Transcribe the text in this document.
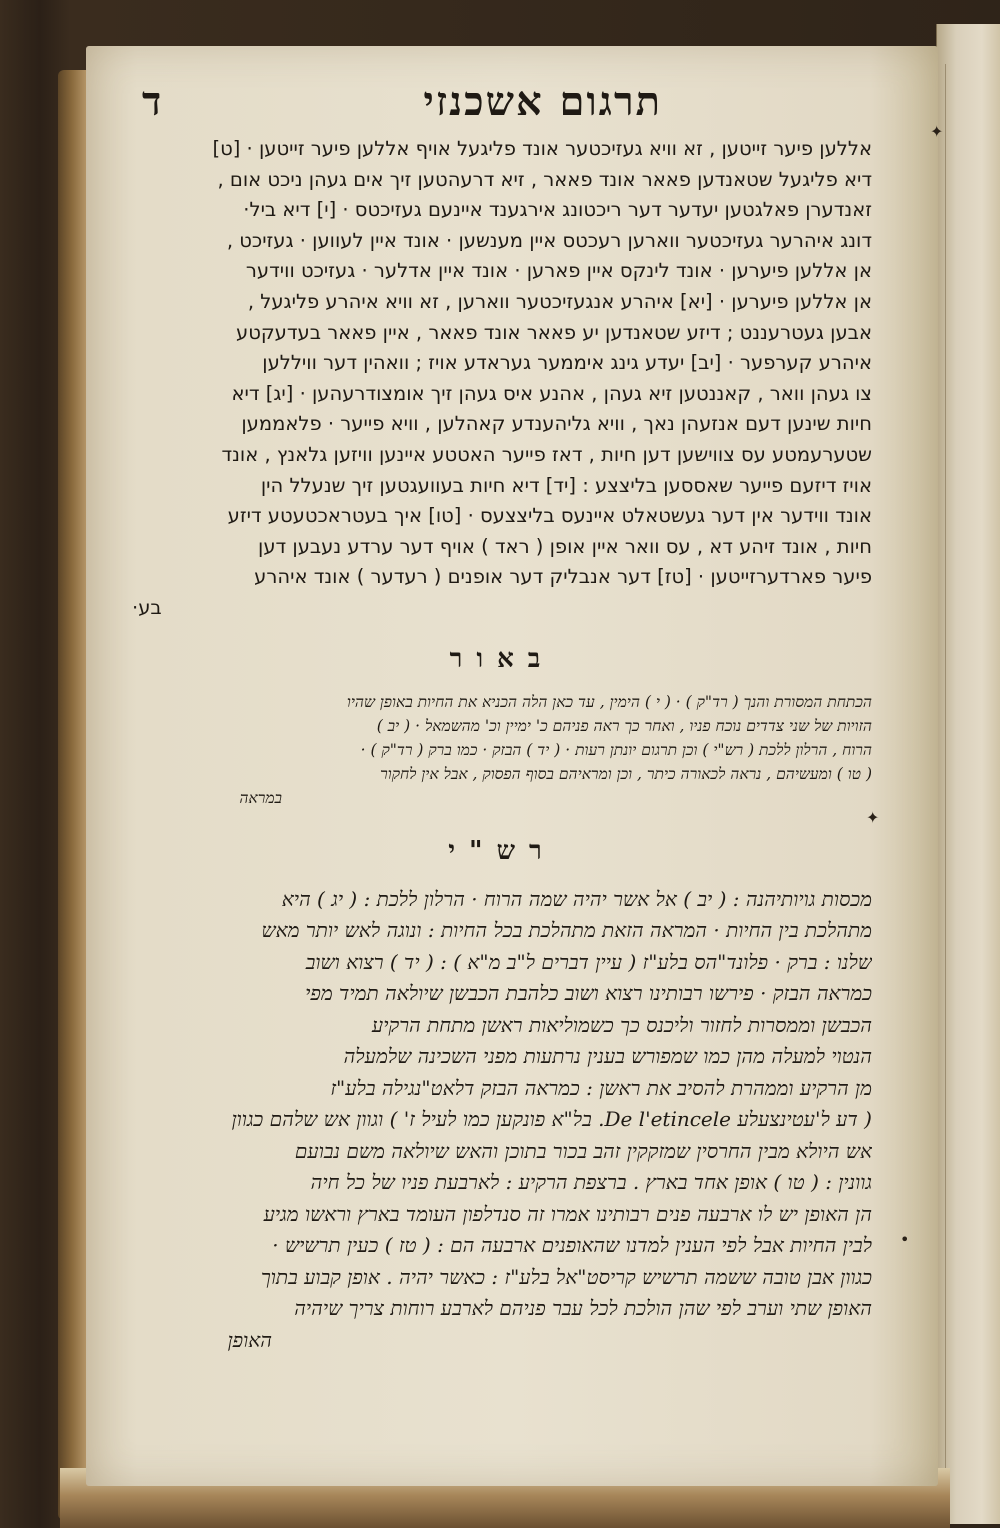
✦
✦
•
תרגום אשכנזי
ד

אללען פיער זייטען , זא וויא געזיכטער אונד פליגעל אויף אללען פיער זייטען · [ט]

דיא פליגעל שטאנדען פאאר אונד פאאר , זיא דרעהטען זיך אים געהן ניכט אום ,

זאנדערן פאלגטען יעדער דער ריכטונג אירגענד איינעם געזיכטס · [י] דיא ביל·

דונג איהרער געזיכטער ווארען רעכטס איין מענשען · אונד איין לעווען · געזיכט ,

אן אללען פיערען · אונד לינקס איין פארען · אונד איין אדלער · געזיכט ווידער

אן אללען פיערען · [יא] איהרע אנגעזיכטער ווארען , זא וויא איהרע פליגעל ,

אבען געטרעננט ; דיזע שטאנדען יע פאאר אונד פאאר , איין פאאר בעדעקטע

איהרע קערפער · [יב] יעדע גינג איממער געראדע אויז ; וואהין דער וויללען

צו געהן וואר , קאננטען זיא געהן , אהנע איס געהן זיך אומצודרעהען · [יג] דיא

חיות שינען דעם אנזעהן נאך , וויא גליהענדע קאהלען , וויא פייער · פלאממען

שטערעמטע עס צווישען דען חיות , דאז פייער האטטע איינען וויזען גלאנץ , אונד

אויז דיזעם פייער שאססען בליצצע : [יד] דיא חיות בעוועגטען זיך שנעלל הין

אונד ווידער אין דער געשטאלט איינעס בליצצעס · [טו] איך בעטראכטעטע דיזע

חיות , אונד זיהע דא , עס וואר איין אופן ( ראד ) אויף דער ערדע נעבען דען

פיער פארדערזייטען · [טז] דער אנבליק דער אופנים ( רעדער ) אונד איהרע

בע·

באור

הכתחת המסורת והנך ( רד"ק ) · ( י ) הימין , עד כאן הלה הכניא את החיות באופן שהיו

הזויות של שני צדדים נוכח פניו , ואחר כך ראה פניהם כ' ימיין וכ' מהשמאל · ( יב )

הרוח , הרלון ללכת ( רש"י ) וכן תרגום יונתן רעות · ( יד ) הבזק · כמו ברק ( רד"ק ) ·

( טו ) ומעשיהם , נראה לכאורה כיתר , וכן ומראיהם בסוף הפסוק , אבל אין לחקור

במראה

רש"י

מכסות גויותיהנה : ( יב ) אל אשר יהיה שמה הרוח · הרלון ללכת : ( יג ) היא

מתהלכת בין החיות · המראה הזאת מתהלכת בכל החיות : ונוגה לאש יותר מאש

שלנו : ברק · פלונד"הס בלע"ז ( עיין דברים ל"ב מ"א ) : ( יד ) רצוא ושוב

כמראה הבזק · פירשו רבותינו רצוא ושוב כלהבת הכבשן שיולאה תמיד מפי

הכבשן וממסרות לחזור וליכנס כך כשמוליאות ראשן מתחת הרקיע

הנטוי למעלה מהן כמו שמפורש בענין נרתעות מפני השכינה שלמעלה

מן הרקיע וממהרת להסיב את ראשן : כמראה הבזק דלאט"נגילה בלע"ז

( דע ל'עטינצעלע De l'etincele. בל"א פונקען כמו לעיל ז' ) וגוון אש שלהם כגוון

אש היולא מבין החרסין שמזקקין זהב בכור בתוכן והאש שיולאה משם נבועם

גוונין : ( טו ) אופן אחד בארץ . ברצפת הרקיע : לארבעת פניו של כל חיה

הן האופן יש לו ארבעה פנים רבותינו אמרו זה סנדלפון העומד בארץ וראשו מגיע

לבין החיות אבל לפי הענין למדנו שהאופנים ארבעה הם : ( טז ) כעין תרשיש ·

כגוון אבן טובה ששמה תרשיש קריסט"אל בלע"ז : כאשר יהיה . אופן קבוע בתוך

האופן שתי וערב לפי שהן הולכת לכל עבר פניהם לארבע רוחות צריך שיהיה

האופן
